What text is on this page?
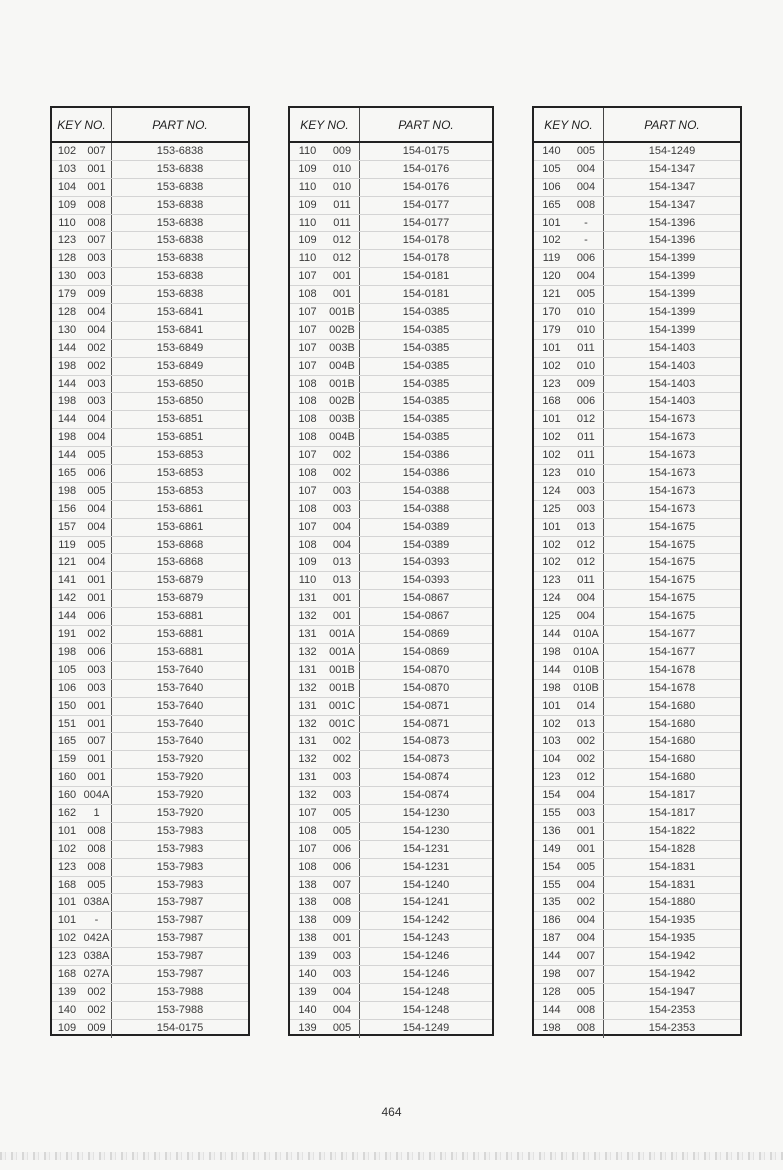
KEY NO.	PART NO.
102	007	153-6838
103	001	153-6838
104	001	153-6838
109	008	153-6838
110	008	153-6838
123	007	153-6838
128	003	153-6838
130	003	153-6838
179	009	153-6838
128	004	153-6841
130	004	153-6841
144	002	153-6849
198	002	153-6849
144	003	153-6850
198	003	153-6850
144	004	153-6851
198	004	153-6851
144	005	153-6853
165	006	153-6853
198	005	153-6853
156	004	153-6861
157	004	153-6861
119	005	153-6868
121	004	153-6868
141	001	153-6879
142	001	153-6879
144	006	153-6881
191	002	153-6881
198	006	153-6881
105	003	153-7640
106	003	153-7640
150	001	153-7640
151	001	153-7640
165	007	153-7640
159	001	153-7920
160	001	153-7920
160 004A	153-7920
162	1	153-7920
101	008	153-7983
102	008	153-7983
123	008	153-7983
168	005	153-7983
101 038A	153-7987
101	-	153-7987
102 042A	153-7987
123 038A	153-7987
168 027A	153-7987
139	002	153-7988
140	002	153-7988
109	009	154-0175
KEY NO.	PART NO.
110	009	154-0175
109	010	154-0176
110	010	154-0176
109	011	154-0177
110	011	154-0177
109	012	154-0178
110	012	154-0178
107	001	154-0181
108	001	154-0181
107	001B	154-0385
107	002B	154-0385
107	003B	154-0385
107	004B	154-0385
108	001B	154-0385
108	002B	154-0385
108	003B	154-0385
108	004B	154-0385
107	002	154-0386
108	002	154-0386
107	003	154-0388
108	003	154-0388
107	004	154-0389
108	004	154-0389
109	013	154-0393
110	013	154-0393
131	001	154-0867
132	001	154-0867
131	001A	154-0869
132	001A	154-0869
131	001B	154-0870
132	001B	154-0870
131	001C	154-0871
132	001C	154-0871
131	002	154-0873
132	002	154-0873
131	003	154-0874
132	003	154-0874
107	005	154-1230
108	005	154-1230
107	006	154-1231
108	006	154-1231
138	007	154-1240
138	008	154-1241
138	009	154-1242
138	001	154-1243
139	003	154-1246
140	003	154-1246
139	004	154-1248
140	004	154-1248
139	005	154-1249
KEY NO.	PART NO.
140	005	154-1249
105	004	154-1347
106	004	154-1347
165	008	154-1347
101	-	154-1396
102	-	154-1396
119	006	154-1399
120	004	154-1399
121	005	154-1399
170	010	154-1399
179	010	154-1399
101	011	154-1403
102	010	154-1403
123	009	154-1403
168	006	154-1403
101	012	154-1673
102	011	154-1673
102	011	154-1673
123	010	154-1673
124	003	154-1673
125	003	154-1673
101	013	154-1675
102	012	154-1675
102	012	154-1675
123	011	154-1675
124	004	154-1675
125	004	154-1675
144	010A	154-1677
198	010A	154-1677
144	010B	154-1678
198	010B	154-1678
101	014	154-1680
102	013	154-1680
103	002	154-1680
104	002	154-1680
123	012	154-1680
154	004	154-1817
155	003	154-1817
136	001	154-1822
149	001	154-1828
154	005	154-1831
155	004	154-1831
135	002	154-1880
186	004	154-1935
187	004	154-1935
144	007	154-1942
198	007	154-1942
128	005	154-1947
144	008	154-2353
198	008	154-2353
464
